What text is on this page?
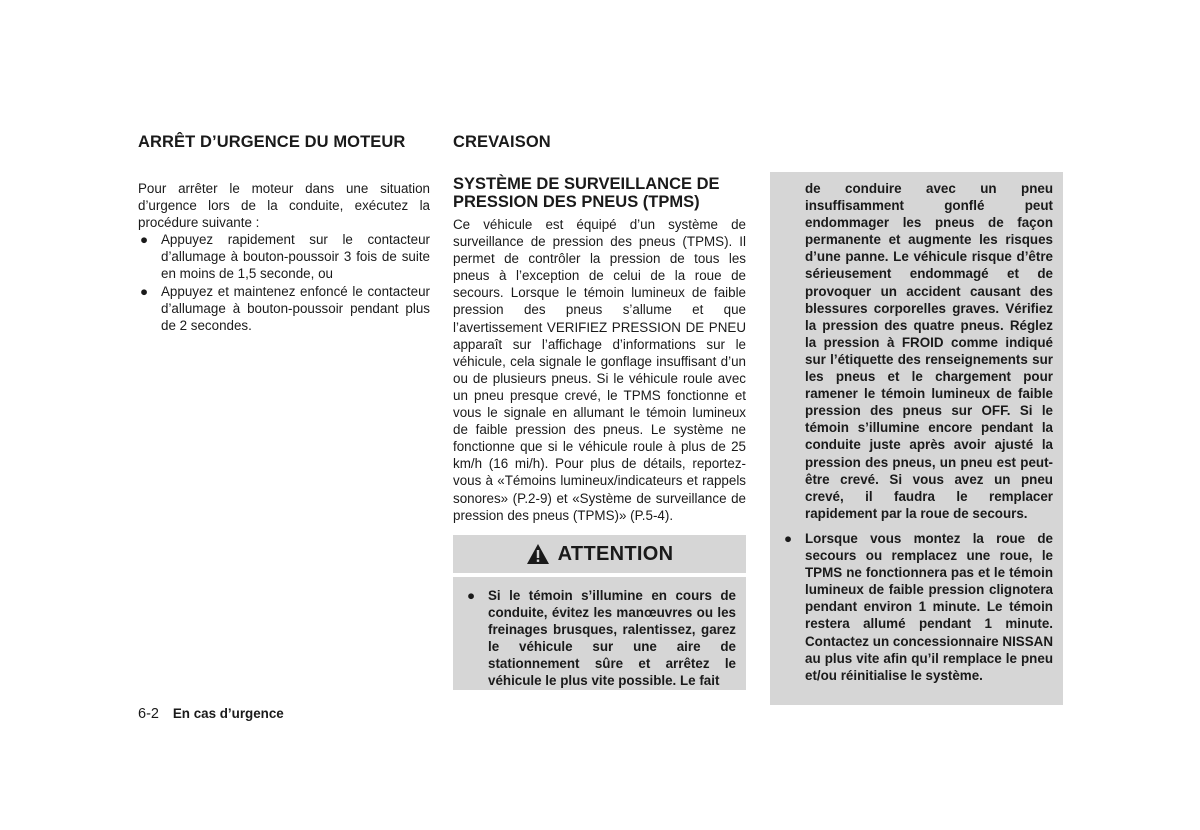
ARRÊT D’URGENCE DU MOTEUR

Pour arrêter le moteur dans une situation d’urgence lors de la conduite, exécutez la procédure suivante :

● Appuyez rapidement sur le contacteur d’allumage à bouton-poussoir 3 fois de suite en moins de 1,5 seconde, ou
● Appuyez et maintenez enfoncé le contacteur d’allumage à bouton-poussoir pendant plus de 2 secondes.
CREVAISON
SYSTÈME DE SURVEILLANCE DE PRESSION DES PNEUS (TPMS)

Ce véhicule est équipé d’un système de surveillance de pression des pneus (TPMS). Il permet de contrôler la pression de tous les pneus à l’exception de celui de la roue de secours. Lorsque le témoin lumineux de faible pression des pneus s’allume et que l’avertissement VERIFIEZ PRESSION DE PNEU apparaît sur l’affichage d’informations sur le véhicule, cela signale le gonflage insuffisant d’un ou de plusieurs pneus. Si le véhicule roule avec un pneu presque crevé, le TPMS fonctionne et vous le signale en allumant le témoin lumineux de faible pression des pneus. Le système ne fonctionne que si le véhicule roule à plus de 25 km/h (16 mi/h). Pour plus de détails, reportez-vous à «Témoins lumineux/indicateurs et rappels sonores» (P.2-9) et «Système de surveillance de pression des pneus (TPMS)» (P.5-4).

ATTENTION
● Si le témoin s’illumine en cours de conduite, évitez les manœuvres ou les freinages brusques, ralentissez, garez le véhicule sur une aire de stationnement sûre et arrêtez le véhicule le plus vite possible. Le fait

de conduire avec un pneu insuffisamment gonflé peut endommager les pneus de façon permanente et augmente les risques d’une panne. Le véhicule risque d’être sérieusement endommagé et de provoquer un accident causant des blessures corporelles graves. Vérifiez la pression des quatre pneus. Réglez la pression à FROID comme indiqué sur l’étiquette des renseignements sur les pneus et le chargement pour ramener le témoin lumineux de faible pression des pneus sur OFF. Si le témoin s’illumine encore pendant la conduite juste après avoir ajusté la pression des pneus, un pneu est peut-être crevé. Si vous avez un pneu crevé, il faudra le remplacer rapidement par la roue de secours.

● Lorsque vous montez la roue de secours ou remplacez une roue, le TPMS ne fonctionnera pas et le témoin lumineux de faible pression clignotera pendant environ 1 minute. Le témoin restera allumé pendant 1 minute. Contactez un concessionnaire NISSAN au plus vite afin qu’il remplace le pneu et/ou réinitialise le système.
6-2 En cas d’urgence
